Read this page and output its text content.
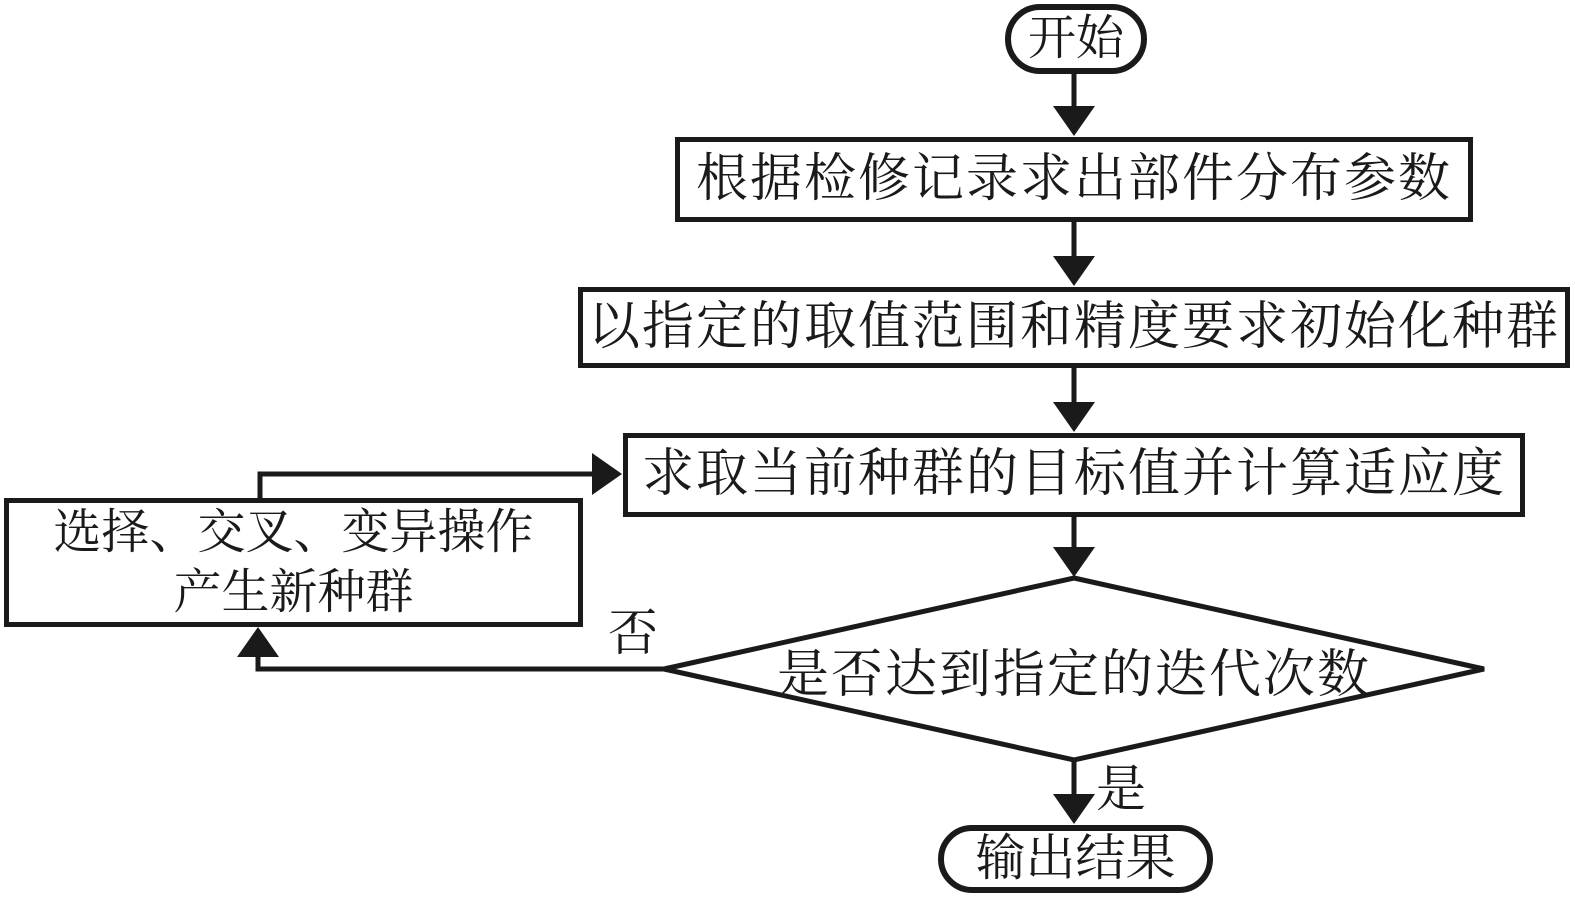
开始
根据检修记录求出部件分布参数
以指定的取值范围和精度要求初始化种群
求取当前种群的目标值并计算适应度
选择、交叉、变异操作
产生新种群
是否达到指定的迭代次数
输出结果
否
是
